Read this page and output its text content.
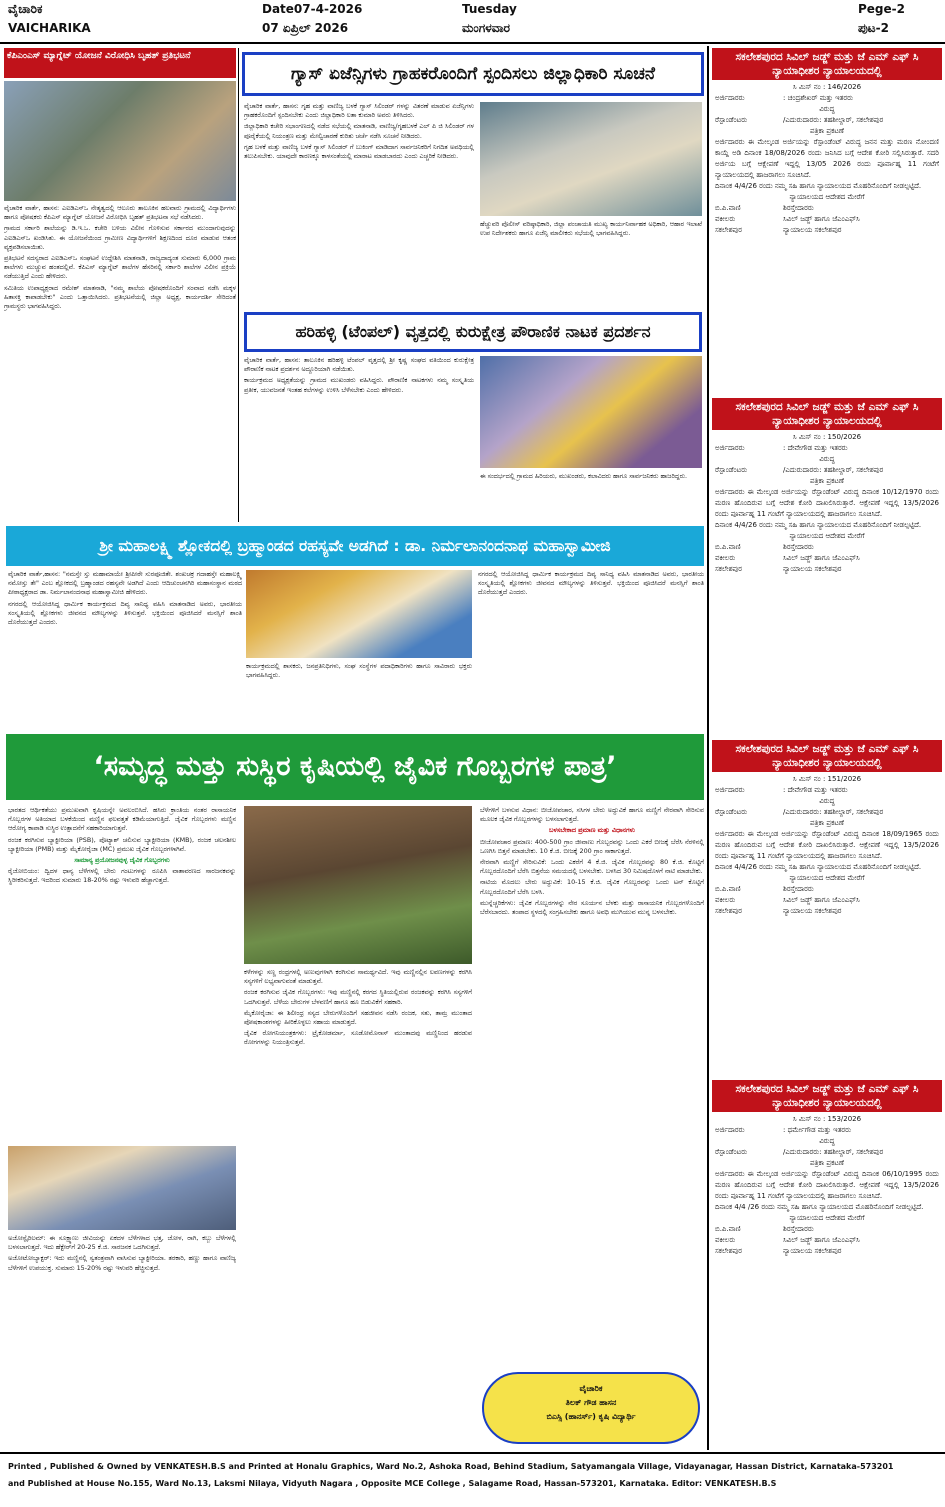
ವೈಚಾರಿಕ
VAICHARIKA
Date07-4-2026
07 ಏಪ್ರಿಲ್ 2026
Tuesday
ಮಂಗಳವಾರ
Pege-2
ಪುಟ-2
ಕೆಪಿಎಂಎಸ್ ಮ್ಯಾಗ್ನೆಟ್ ಯೋಜನೆ ವಿರೋಧಿಸಿ ಬೃಹತ್ ಪ್ರತಿಭಟನೆ

ವೈಚಾರಿಕ ವಾರ್ತೆ, ಹಾಸನ: ಎಐಡಿಎಸ್‌ಒ ನೇತೃತ್ವದಲ್ಲಿ ಆಲೂರು ತಾಲೂಕಿನ ಹಲವಾರು ಗ್ರಾಮದಲ್ಲಿ ವಿದ್ಯಾರ್ಥಿಗಳು ಹಾಗೂ ಪೋಷಕರು ಕೆಪಿಎಸ್ ಮ್ಯಾಗ್ನೆಟ್ ಯೋಜನೆ ವಿರೋಧಿಸಿ ಬೃಹತ್ ಪ್ರತಿಭಟನಾ ಸಭೆ ನಡೆಸಿದರು.

ಗ್ರಾಮದ ಸರ್ಕಾರಿ ಶಾಲೆಯನ್ನು ಡಿ.ಇ.ಒ. ಕಚೇರಿ ಬಳಿಯ ವಿಲೀನ ಗೊಳಿಸುವ ಸರ್ಕಾರದ ಮುಂದಾಗುವುದನ್ನು ಎಐಡಿಎಸ್‌ಒ ಖಂಡಿಸಿತು. ಈ ಯೋಜನೆಯಿಂದ ಗ್ರಾಮೀಣ ವಿದ್ಯಾರ್ಥಿಗಳಿಗೆ ಶಿಕ್ಷಣದಿಂದ ದೂರ ಮಾಡುವ ಆತಂಕ ವ್ಯಕ್ತಪಡಿಸಲಾಯಿತು.

ಪ್ರತಿಭಟನೆ ಸದಸ್ಯರಾದ ಎಐಡಿಎಸ್‌ಒ ಸಂಘಟನೆ ಉದ್ದೇಶಿಸಿ ಮಾತನಾಡಿ, ರಾಜ್ಯದಾದ್ಯಂತ ಸುಮಾರು 6,000 ಗ್ರಾಮ ಶಾಲೆಗಳು ಮುಚ್ಚುವ ಹಂತದಲ್ಲಿವೆ. ಕೆಪಿಎಸ್ ಮ್ಯಾಗ್ನೆಟ್ ಶಾಲೆಗಳ ಹೆಸರಿನಲ್ಲಿ ಸರ್ಕಾರಿ ಶಾಲೆಗಳ ವಿಲೀನ ಪ್ರಕ್ರಿಯೆ ನಡೆಯುತ್ತಿದೆ ಎಂದು ಹೇಳಿದರು.

ಸಮಿತಿಯ ಉಪಾಧ್ಯಕ್ಷರಾದ ರಮೇಶ್ ಮಾತನಾಡಿ, "ನಮ್ಮ ಶಾಲೆಯ ಪೋಷಕರೊಂದಿಗೆ ಸಂವಾದ ನಡೆಸಿ ಮಕ್ಕಳ ಹಿತಾಸಕ್ತಿ ಕಾಪಾಡಬೇಕು" ಎಂದು ಒತ್ತಾಯಿಸಿದರು. ಪ್ರತಿಭಟನೆಯಲ್ಲಿ ಜಿಲ್ಲಾ ಅಧ್ಯಕ್ಷ, ಕಾರ್ಯದರ್ಶಿ ಸೇರಿದಂತೆ ಗ್ರಾಮಸ್ಥರು ಭಾಗವಹಿಸಿದ್ದರು.

ಗ್ಯಾಸ್ ಏಜೆನ್ಸಿಗಳು ಗ್ರಾಹಕರೊಂದಿಗೆ ಸ್ಪಂದಿಸಲು ಜಿಲ್ಲಾಧಿಕಾರಿ ಸೂಚನೆ

ವೈಚಾರಿಕ ವಾರ್ತೆ, ಹಾಸನ: ಗೃಹ ಮತ್ತು ವಾಣಿಜ್ಯ ಬಳಕೆ ಗ್ಯಾಸ್ ಸಿಲಿಂಡರ್ ಗಳನ್ನು ವಿತರಣೆ ಮಾಡುವ ಏಜೆನ್ಸಿಗಳು ಗ್ರಾಹಕರೊಂದಿಗೆ ಸ್ಪಂದಿಸಬೇಕು ಎಂದು ಜಿಲ್ಲಾಧಿಕಾರಿ ಲತಾ ಕುಮಾರಿ ಅವರು ತಿಳಿಸಿದರು.

ಜಿಲ್ಲಾಧಿಕಾರಿ ಕಚೇರಿ ಸಭಾಂಗಣದಲ್ಲಿ ನಡೆದ ಸಭೆಯಲ್ಲಿ ಮಾತನಾಡಿ, ವಾಣಿಜ್ಯ/ಗೃಹಬಳಕೆ ಎಲ್ ಪಿ ಜಿ ಸಿಲಿಂಡರ್ ಗಳ ಪೂರೈಕೆಯಲ್ಲಿ ನಿಯಂತ್ರಣ ಮತ್ತು ಮೇಲ್ವಿಚಾರಣೆ ಕುರಿತು ಚರ್ಚೆ ನಡೆಸಿ ಸೂಚನೆ ನೀಡಿದರು.

ಗೃಹ ಬಳಕೆ ಮತ್ತು ವಾಣಿಜ್ಯ ಬಳಕೆ ಗ್ಯಾಸ್ ಸಿಲಿಂಡರ್ ಗೆ ಬುಕಿಂಗ್ ಮಾಡಿದಾಗ ಸಾರ್ವಜನಿಕರಿಗೆ ನಿಗದಿತ ಅವಧಿಯಲ್ಲಿ ತಲುಪಿಸಬೇಕು. ಯಾವುದೇ ಕಾರಣಕ್ಕೂ ಕಾಳಸಂತೆಯಲ್ಲಿ ಮಾರಾಟ ಮಾಡಬಾರದು ಎಂದು ಎಚ್ಚರಿಕೆ ನೀಡಿದರು.

ಹೆಚ್ಚುವರಿ ಪೊಲೀಸ್ ವರಿಷ್ಠಾಧಿಕಾರಿ, ಜಿಲ್ಲಾ ಪಂಚಾಯತಿ ಮುಖ್ಯ ಕಾರ್ಯನಿರ್ವಾಹಕ ಅಧಿಕಾರಿ, ಆಹಾರ ಇಲಾಖೆ ಉಪ ನಿರ್ದೇಶಕರು ಹಾಗೂ ಏಜೆನ್ಸಿ ಮಾಲೀಕರು ಸಭೆಯಲ್ಲಿ ಭಾಗವಹಿಸಿದ್ದರು.

ಹರಿಹಳ್ಳಿ (ಟೆಂಪಲ್) ವೃತ್ತದಲ್ಲಿ ಕುರುಕ್ಷೇತ್ರ ಪೌರಾಣಿಕ ನಾಟಕ ಪ್ರದರ್ಶನ

ವೈಚಾರಿಕ ವಾರ್ತೆ, ಹಾಸನ: ತಾಲೂಕಿನ ಹರಿಹಳ್ಳಿ ಟೆಂಪಲ್ ವೃತ್ತದಲ್ಲಿ ಶ್ರೀ ಕೃಷ್ಣ ಸಂಘದ ವತಿಯಿಂದ ಕುರುಕ್ಷೇತ್ರ ಪೌರಾಣಿಕ ನಾಟಕ ಪ್ರದರ್ಶನ ಅದ್ದೂರಿಯಾಗಿ ನಡೆಯಿತು.

ಕಾರ್ಯಕ್ರಮದ ಅಧ್ಯಕ್ಷತೆಯನ್ನು ಗ್ರಾಮದ ಮುಖಂಡರು ವಹಿಸಿದ್ದರು. ಪೌರಾಣಿಕ ನಾಟಕಗಳು ನಮ್ಮ ಸಂಸ್ಕೃತಿಯ ಪ್ರತೀಕ, ಯುವಜನತೆ ಇಂತಹ ಕಲೆಗಳನ್ನು ಉಳಿಸಿ ಬೆಳೆಸಬೇಕು ಎಂದು ಹೇಳಿದರು.

ಈ ಸಂದರ್ಭದಲ್ಲಿ ಗ್ರಾಮದ ಹಿರಿಯರು, ಮುಖಂಡರು, ಕಲಾವಿದರು ಹಾಗೂ ಸಾರ್ವಜನಿಕರು ಹಾಜರಿದ್ದರು.

ಶ್ರೀ ಮಹಾಲಕ್ಷ್ಮಿ ಶ್ಲೋಕದಲ್ಲಿ ಬ್ರಹ್ಮಾಂಡದ ರಹಸ್ಯವೇ ಅಡಗಿದೆ : ಡಾ. ನಿರ್ಮಲಾನಂದನಾಥ ಮಹಾಸ್ವಾಮೀಜಿ

ವೈಚಾರಿಕ ವಾರ್ತೆ,ಹಾಸನ: "ನಮಸ್ತೇ ಸ್ತು ಮಹಾಮಾಯೇ ಶ್ರೀಪೀಠೇ ಸುರಪೂಜಿತೇ. ಶಂಖಚಕ್ರ ಗದಾಹಸ್ತೇ ಮಹಾಲಕ್ಷ್ಮಿ ನಮೋಸ್ತು ತೇ" ಎಂಬ ಶ್ಲೋಕದಲ್ಲಿ ಬ್ರಹ್ಮಾಂಡದ ರಹಸ್ಯವೇ ಅಡಗಿದೆ ಎಂದು ಆದಿಚುಂಚನಗಿರಿ ಮಹಾಸಂಸ್ಥಾನ ಮಠದ ಪೀಠಾಧ್ಯಕ್ಷರಾದ ಡಾ. ನಿರ್ಮಲಾನಂದನಾಥ ಮಹಾಸ್ವಾಮೀಜಿ ಹೇಳಿದರು.

ನಗರದಲ್ಲಿ ಆಯೋಜಿಸಿದ್ದ ಧಾರ್ಮಿಕ ಕಾರ್ಯಕ್ರಮದ ದಿವ್ಯ ಸಾನಿಧ್ಯ ವಹಿಸಿ ಮಾತನಾಡಿದ ಅವರು, ಭಾರತೀಯ ಸಂಸ್ಕೃತಿಯಲ್ಲಿ ಶ್ಲೋಕಗಳು ಜೀವನದ ಮೌಲ್ಯಗಳನ್ನು ತಿಳಿಸುತ್ತವೆ. ಭಕ್ತಿಯಿಂದ ಪೂಜಿಸಿದರೆ ಮನಸ್ಸಿಗೆ ಶಾಂತಿ ದೊರೆಯುತ್ತದೆ ಎಂದರು.

ಕಾರ್ಯಕ್ರಮದಲ್ಲಿ ಶಾಸಕರು, ಜನಪ್ರತಿನಿಧಿಗಳು, ಸಂಘ ಸಂಸ್ಥೆಗಳ ಪದಾಧಿಕಾರಿಗಳು ಹಾಗೂ ಸಾವಿರಾರು ಭಕ್ತರು ಭಾಗವಹಿಸಿದ್ದರು.

ನಗರದಲ್ಲಿ ಆಯೋಜಿಸಿದ್ದ ಧಾರ್ಮಿಕ ಕಾರ್ಯಕ್ರಮದ ದಿವ್ಯ ಸಾನಿಧ್ಯ ವಹಿಸಿ ಮಾತನಾಡಿದ ಅವರು, ಭಾರತೀಯ ಸಂಸ್ಕೃತಿಯಲ್ಲಿ ಶ್ಲೋಕಗಳು ಜೀವನದ ಮೌಲ್ಯಗಳನ್ನು ತಿಳಿಸುತ್ತವೆ. ಭಕ್ತಿಯಿಂದ ಪೂಜಿಸಿದರೆ ಮನಸ್ಸಿಗೆ ಶಾಂತಿ ದೊರೆಯುತ್ತದೆ ಎಂದರು.

‘ಸಮೃದ್ಧ ಮತ್ತು ಸುಸ್ಥಿರ ಕೃಷಿಯಲ್ಲಿ ಜೈವಿಕ ಗೊಬ್ಬರಗಳ ಪಾತ್ರ’

ಭಾರತದ ಆರ್ಥಿಕತೆಯು ಪ್ರಮುಖವಾಗಿ ಕೃಷಿಯನ್ನೇ ಅವಲಂಬಿಸಿದೆ. ಹಸಿರು ಕ್ರಾಂತಿಯ ನಂತರ ರಾಸಾಯನಿಕ ಗೊಬ್ಬರಗಳ ಅತಿಯಾದ ಬಳಕೆಯಿಂದ ಮಣ್ಣಿನ ಫಲವತ್ತತೆ ಕಡಿಮೆಯಾಗುತ್ತಿದೆ. ಜೈವಿಕ ಗೊಬ್ಬರಗಳು ಮಣ್ಣಿನ ಆರೋಗ್ಯ ಕಾಪಾಡಿ ಸುಸ್ಥಿರ ಉತ್ಪಾದನೆಗೆ ಸಹಕಾರಿಯಾಗುತ್ತವೆ.

ರಂಜಕ ಕರಗಿಸುವ ಬ್ಯಾಕ್ಟೀರಿಯಾ (PSB), ಪೊಟ್ಯಾಶ್ ಚಲಿಸುವ ಬ್ಯಾಕ್ಟೀರಿಯಾ (KMB), ರಂಜಕ ಚಲನಶೀಲ ಬ್ಯಾಕ್ಟೀರಿಯಾ (PMB) ಮತ್ತು ಮೈಕೋರೈಜಾ (MC) ಪ್ರಮುಖ ಜೈವಿಕ ಗೊಬ್ಬರಗಳಾಗಿವೆ.

ಸಾಮಾನ್ಯ ಪ್ರಯೋಜನವುಳ್ಳ ಜೈವಿಕ ಗೊಬ್ಬರಗಳು

ರೈಜೋಬಿಯಂ: ದ್ವಿದಳ ಧಾನ್ಯ ಬೆಳೆಗಳಲ್ಲಿ ಬೇರು ಗಂಟುಗಳನ್ನು ರೂಪಿಸಿ ವಾತಾವರಣದ ಸಾರಜನಕವನ್ನು ಸ್ಥಿರೀಕರಿಸುತ್ತದೆ. ಇದರಿಂದ ಸುಮಾರು 18-20% ರಷ್ಟು ಇಳುವರಿ ಹೆಚ್ಚಾಗುತ್ತದೆ.

ಅಜೋಸ್ಪೈರಿಲಮ್: ಈ ಸೂಕ್ಷ್ಮಾಣು ಜೀವಿಯನ್ನು ಏಕದಳ ಬೆಳೆಗಳಾದ ಭತ್ತ, ಜೋಳ, ರಾಗಿ, ಕಬ್ಬು ಬೆಳೆಗಳಲ್ಲಿ ಬಳಸಲಾಗುತ್ತದೆ. ಇದು ಹೆಕ್ಟೇರ್‌ಗೆ 20-25 ಕೆ.ಜಿ. ಸಾರಜನಕ ಒದಗಿಸುತ್ತದೆ.

ಅಜೋಟೋಬ್ಯಾಕ್ಟರ್: ಇದು ಮಣ್ಣಿನಲ್ಲಿ ಸ್ವತಂತ್ರವಾಗಿ ವಾಸಿಸುವ ಬ್ಯಾಕ್ಟೀರಿಯಾ. ತರಕಾರಿ, ಹಣ್ಣು ಹಾಗೂ ವಾಣಿಜ್ಯ ಬೆಳೆಗಳಿಗೆ ಉಪಯುಕ್ತ. ಸುಮಾರು 15-20% ರಷ್ಟು ಇಳುವರಿ ಹೆಚ್ಚಿಸುತ್ತದೆ.

ಕಳೆಗಳನ್ನು ಸಣ್ಣ ರಂಧ್ರಗಳಲ್ಲಿ ಅಣುವುಗಳಾಗಿ ಕರಗಿಸುವ ಸಾಮರ್ಥ್ಯವಿದೆ. ಇವು ಮಣ್ಣಿನಲ್ಲಿನ ಲವಣಗಳನ್ನು ಕರಗಿಸಿ ಸಸ್ಯಗಳಿಗೆ ಲಭ್ಯವಾಗುವಂತೆ ಮಾಡುತ್ತವೆ.

ರಂಜಕ ಕರಗಿಸುವ ಜೈವಿಕ ಗೊಬ್ಬರಗಳು: ಇವು ಮಣ್ಣಿನಲ್ಲಿ ಕರಗದ ಸ್ಥಿತಿಯಲ್ಲಿರುವ ರಂಜಕವನ್ನು ಕರಗಿಸಿ ಸಸ್ಯಗಳಿಗೆ ಒದಗಿಸುತ್ತವೆ. ಬೆಳೆಯ ಬೇರುಗಳ ಬೆಳವಣಿಗೆ ಹಾಗೂ ಹೂ ಬಿಡುವಿಕೆಗೆ ಸಹಕಾರಿ.

ಮೈಕೋರೈಜಾ: ಈ ಶಿಲೀಂಧ್ರ ಸಸ್ಯದ ಬೇರುಗಳೊಂದಿಗೆ ಸಹಜೀವನ ನಡೆಸಿ ರಂಜಕ, ಸತು, ತಾಮ್ರ ಮುಂತಾದ ಪೋಷಕಾಂಶಗಳನ್ನು ಹೀರಿಕೊಳ್ಳಲು ಸಹಾಯ ಮಾಡುತ್ತದೆ.

ಜೈವಿಕ ರೋಗನಿಯಂತ್ರಕಗಳು: ಟ್ರೈಕೋಡರ್ಮಾ, ಸೂಡೋಮೊನಾಸ್ ಮುಂತಾದವು ಮಣ್ಣಿನಿಂದ ಹರಡುವ ರೋಗಗಳನ್ನು ನಿಯಂತ್ರಿಸುತ್ತವೆ.

ಬೆಳೆಗಳಿಗೆ ಬಳಸುವ ವಿಧಾನ: ಬೀಜೋಪಚಾರ, ಸಸಿಗಳ ಬೇರು ಅದ್ದುವಿಕೆ ಹಾಗೂ ಮಣ್ಣಿಗೆ ನೇರವಾಗಿ ಸೇರಿಸುವ ಮೂಲಕ ಜೈವಿಕ ಗೊಬ್ಬರಗಳನ್ನು ಬಳಸಲಾಗುತ್ತದೆ.

ಬಳಸಬೇಕಾದ ಪ್ರಮಾಣ ಮತ್ತು ವಿಧಾನಗಳು

ಬೀಜೋಪಚಾರ ಪ್ರಮಾಣ: 400-500 ಗ್ರಾಂ ಜೀವಾಣು ಗೊಬ್ಬರವನ್ನು ಒಂದು ಎಕರೆ ಬೀಜಕ್ಕೆ ಬೆರೆಸಿ ನೆರಳಿನಲ್ಲಿ ಒಣಗಿಸಿ ಬಿತ್ತನೆ ಮಾಡಬೇಕು. 10 ಕೆ.ಜಿ. ಬೀಜಕ್ಕೆ 200 ಗ್ರಾಂ ಸಾಕಾಗುತ್ತದೆ.

ನೇರವಾಗಿ ಮಣ್ಣಿಗೆ ಸೇರಿಸುವಿಕೆ: ಒಂದು ಎಕರೆಗೆ 4 ಕೆ.ಜಿ. ಜೈವಿಕ ಗೊಬ್ಬರವನ್ನು 80 ಕೆ.ಜಿ. ಕೊಟ್ಟಿಗೆ ಗೊಬ್ಬರದೊಂದಿಗೆ ಬೆರೆಸಿ ಬಿತ್ತನೆಯ ಸಮಯದಲ್ಲಿ ಬಳಸಬೇಕು. ಬಳಸಿದ 30 ನಿಮಿಷದೊಳಗೆ ನಾಟಿ ಮಾಡಬೇಕು.

ನಾಟಿಯ ಮೊದಲು ಬೇರು ಅದ್ದುವಿಕೆ: 10-15 ಕೆ.ಜಿ. ಜೈವಿಕ ಗೊಬ್ಬರವನ್ನು ಒಂದು ಟನ್ ಕೊಟ್ಟಿಗೆ ಗೊಬ್ಬರದೊಂದಿಗೆ ಬೆರೆಸಿ ಬಳಸಿ.

ಮುನ್ನೆಚ್ಚರಿಕೆಗಳು: ಜೈವಿಕ ಗೊಬ್ಬರಗಳನ್ನು ನೇರ ಸೂರ್ಯನ ಬೆಳಕು ಮತ್ತು ರಾಸಾಯನಿಕ ಗೊಬ್ಬರಗಳೊಂದಿಗೆ ಬೆರೆಸಬಾರದು. ತಂಪಾದ ಸ್ಥಳದಲ್ಲಿ ಸಂಗ್ರಹಿಸಬೇಕು ಹಾಗೂ ಅವಧಿ ಮುಗಿಯುವ ಮುನ್ನ ಬಳಸಬೇಕು.

ವೈಚಾರಿಕ
ತಿಲಕ್ ಗೌಡ ಹಾಸನ
ಬಿಎಸ್ಸಿ (ಹಾನರ್ಸ್) ಕೃಷಿ ವಿದ್ಯಾರ್ಥಿ
ಸಕಲೇಶಪುರದ ಸಿವಿಲ್ ಜಡ್ಜ್ ಮತ್ತು ಜೆ ಎಮ್ ಎಫ್ ಸಿ ನ್ಯಾಯಾಧೀಶರ ನ್ಯಾಯಾಲಯದಲ್ಲಿ
ಸಿ ಮಿಸ್ ನಂ : 146/2026
ಅರ್ಜಿದಾರರು	: ಚಂದ್ರಶೇಖರ್ ಮತ್ತು ಇತರರು
ವಿರುದ್ಧ
ರೆಸ್ಪಾಂಡೆಂಟರು	/ಎದುರುದಾರರು: ತಹಶೀಲ್ದಾರ್, ಸಕಲೇಶಪುರ
ಪತ್ರಿಕಾ ಪ್ರಕಟಣೆ
ಅರ್ಜಿದಾರರು ಈ ಮೇಲ್ಕಂಡ ಅರ್ಜಿಯನ್ನು ರೆಸ್ಪಾಂಡೆಂಟ್ ವಿರುದ್ಧ ಜನನ ಮತ್ತು ಮರಣ ನೋಂದಣಿ ಕಾಯ್ದೆ ಅಡಿ ದಿನಾಂಕ 18/08/2026 ರಂದು ಜನಿಸಿದ ಬಗ್ಗೆ ಆದೇಶ ಕೋರಿ ಸಲ್ಲಿಸಿರುತ್ತಾರೆ. ಸದರಿ ಅರ್ಜಿಯ ಬಗ್ಗೆ ಆಕ್ಷೇಪಣೆ ಇದ್ದಲ್ಲಿ 13/05 2026 ರಂದು ಪೂರ್ವಾಹ್ನ 11 ಗಂಟೆಗೆ ನ್ಯಾಯಾಲಯದಲ್ಲಿ ಹಾಜರಾಗಲು ಸೂಚಿಸಿದೆ.
ದಿನಾಂಕ 4/4/26 ರಂದು ನಮ್ಮ ಸಹಿ ಹಾಗೂ ನ್ಯಾಯಾಲಯದ ಮೊಹರಿನೊಂದಿಗೆ ನೀಡಲ್ಪಟ್ಟಿದೆ.
ನ್ಯಾಯಾಲಯದ ಆದೇಶದ ಮೇರೆಗೆ
ಬಿ.ಪಿ.ವಾಣಿ	ಶಿರಸ್ತೇದಾರರು
ವಕೀಲರು	ಸಿವಿಲ್ ಜಡ್ಜ್ ಹಾಗೂ ಜೆಎಂಎಫ್‌ಸಿ
ಸಕಲೇಶಪುರ	ನ್ಯಾಯಾಲಯ ಸಕಲೇಶಪುರ
ಸಕಲೇಶಪುರದ ಸಿವಿಲ್ ಜಡ್ಜ್ ಮತ್ತು ಜೆ ಎಮ್ ಎಫ್ ಸಿ ನ್ಯಾಯಾಧೀಶರ ನ್ಯಾಯಾಲಯದಲ್ಲಿ
ಸಿ ಮಿಸ್ ನಂ : 150/2026
ಅರ್ಜಿದಾರರು	: ದೇವೇಗೌಡ ಮತ್ತು ಇತರರು
ವಿರುದ್ಧ
ರೆಸ್ಪಾಂಡೆಂಟರು	/ಎದುರುದಾರರು: ತಹಶೀಲ್ದಾರ್, ಸಕಲೇಶಪುರ
ಪತ್ರಿಕಾ ಪ್ರಕಟಣೆ
ಅರ್ಜಿದಾರರು ಈ ಮೇಲ್ಕಂಡ ಅರ್ಜಿಯನ್ನು ರೆಸ್ಪಾಂಡೆಂಟ್ ವಿರುದ್ಧ ದಿನಾಂಕ 10/12/1970 ರಂದು ಮರಣ ಹೊಂದಿರುವ ಬಗ್ಗೆ ಆದೇಶ ಕೋರಿ ದಾಖಲಿಸಿರುತ್ತಾರೆ. ಆಕ್ಷೇಪಣೆ ಇದ್ದಲ್ಲಿ 13/5/2026 ರಂದು ಪೂರ್ವಾಹ್ನ 11 ಗಂಟೆಗೆ ನ್ಯಾಯಾಲಯದಲ್ಲಿ ಹಾಜರಾಗಲು ಸೂಚಿಸಿದೆ.
ದಿನಾಂಕ 4/4/26 ರಂದು ನಮ್ಮ ಸಹಿ ಹಾಗೂ ನ್ಯಾಯಾಲಯದ ಮೊಹರಿನೊಂದಿಗೆ ನೀಡಲ್ಪಟ್ಟಿದೆ.
ನ್ಯಾಯಾಲಯದ ಆದೇಶದ ಮೇರೆಗೆ
ಬಿ.ಪಿ.ವಾಣಿ	ಶಿರಸ್ತೇದಾರರು
ವಕೀಲರು	ಸಿವಿಲ್ ಜಡ್ಜ್ ಹಾಗೂ ಜೆಎಂಎಫ್‌ಸಿ
ಸಕಲೇಶಪುರ	ನ್ಯಾಯಾಲಯ ಸಕಲೇಶಪುರ
ಸಕಲೇಶಪುರದ ಸಿವಿಲ್ ಜಡ್ಜ್ ಮತ್ತು ಜೆ ಎಮ್ ಎಫ್ ಸಿ ನ್ಯಾಯಾಧೀಶರ ನ್ಯಾಯಾಲಯದಲ್ಲಿ
ಸಿ ಮಿಸ್ ನಂ : 151/2026
ಅರ್ಜಿದಾರರು	: ದೇವೇಗೌಡ ಮತ್ತು ಇತರರು
ವಿರುದ್ಧ
ರೆಸ್ಪಾಂಡೆಂಟರು	/ಎದುರುದಾರರು: ತಹಶೀಲ್ದಾರ್, ಸಕಲೇಶಪುರ
ಪತ್ರಿಕಾ ಪ್ರಕಟಣೆ
ಅರ್ಜಿದಾರರು ಈ ಮೇಲ್ಕಂಡ ಅರ್ಜಿಯನ್ನು ರೆಸ್ಪಾಂಡೆಂಟ್ ವಿರುದ್ಧ ದಿನಾಂಕ 18/09/1965 ರಂದು ಮರಣ ಹೊಂದಿರುವ ಬಗ್ಗೆ ಆದೇಶ ಕೋರಿ ದಾಖಲಿಸಿರುತ್ತಾರೆ. ಆಕ್ಷೇಪಣೆ ಇದ್ದಲ್ಲಿ 13/5/2026 ರಂದು ಪೂರ್ವಾಹ್ನ 11 ಗಂಟೆಗೆ ನ್ಯಾಯಾಲಯದಲ್ಲಿ ಹಾಜರಾಗಲು ಸೂಚಿಸಿದೆ.
ದಿನಾಂಕ 4/4/26 ರಂದು ನಮ್ಮ ಸಹಿ ಹಾಗೂ ನ್ಯಾಯಾಲಯದ ಮೊಹರಿನೊಂದಿಗೆ ನೀಡಲ್ಪಟ್ಟಿದೆ.
ನ್ಯಾಯಾಲಯದ ಆದೇಶದ ಮೇರೆಗೆ
ಬಿ.ಪಿ.ವಾಣಿ	ಶಿರಸ್ತೇದಾರರು
ವಕೀಲರು	ಸಿವಿಲ್ ಜಡ್ಜ್ ಹಾಗೂ ಜೆಎಂಎಫ್‌ಸಿ
ಸಕಲೇಶಪುರ	ನ್ಯಾಯಾಲಯ ಸಕಲೇಶಪುರ
ಸಕಲೇಶಪುರದ ಸಿವಿಲ್ ಜಡ್ಜ್ ಮತ್ತು ಜೆ ಎಮ್ ಎಫ್ ಸಿ ನ್ಯಾಯಾಧೀಶರ ನ್ಯಾಯಾಲಯದಲ್ಲಿ
ಸಿ ಮಿಸ್ ನಂ : 153/2026
ಅರ್ಜಿದಾರರು	: ಧರ್ಮೇಗೌಡ ಮತ್ತು ಇತರರು
ವಿರುದ್ಧ
ರೆಸ್ಪಾಂಡೆಂಟರು	/ಎದುರುದಾರರು: ತಹಶೀಲ್ದಾರ್, ಸಕಲೇಶಪುರ
ಪತ್ರಿಕಾ ಪ್ರಕಟಣೆ
ಅರ್ಜಿದಾರರು ಈ ಮೇಲ್ಕಂಡ ಅರ್ಜಿಯನ್ನು ರೆಸ್ಪಾಂಡೆಂಟ್ ವಿರುದ್ಧ ದಿನಾಂಕ 06/10/1995 ರಂದು ಮರಣ ಹೊಂದಿರುವ ಬಗ್ಗೆ ಆದೇಶ ಕೋರಿ ದಾಖಲಿಸಿರುತ್ತಾರೆ. ಆಕ್ಷೇಪಣೆ ಇದ್ದಲ್ಲಿ 13/5/2026 ರಂದು ಪೂರ್ವಾಹ್ನ 11 ಗಂಟೆಗೆ ನ್ಯಾಯಾಲಯದಲ್ಲಿ ಹಾಜರಾಗಲು ಸೂಚಿಸಿದೆ.
ದಿನಾಂಕ 4/4 /26 ರಂದು ನಮ್ಮ ಸಹಿ ಹಾಗೂ ನ್ಯಾಯಾಲಯದ ಮೊಹರಿನೊಂದಿಗೆ ನೀಡಲ್ಪಟ್ಟಿದೆ.
ನ್ಯಾಯಾಲಯದ ಆದೇಶದ ಮೇರೆಗೆ
ಬಿ.ಪಿ.ವಾಣಿ	ಶಿರಸ್ತೇದಾರರು
ವಕೀಲರು	ಸಿವಿಲ್ ಜಡ್ಜ್ ಹಾಗೂ ಜೆಎಂಎಫ್‌ಸಿ
ಸಕಲೇಶಪುರ	ನ್ಯಾಯಾಲಯ ಸಕಲೇಶಪುರ
Printed , Published & Owned by VENKATESH.B.S and Printed at Honalu Graphics, Ward No.2, Ashoka Road, Behind Stadium, Satyamangala Village, Vidayanagar, Hassan District, Karnataka-573201
and Published at House No.155, Ward No.13, Laksmi Nilaya, Vidyuth Nagara , Opposite MCE College , Salagame Road, Hassan-573201, Karnataka. Editor: VENKATESH.B.S
